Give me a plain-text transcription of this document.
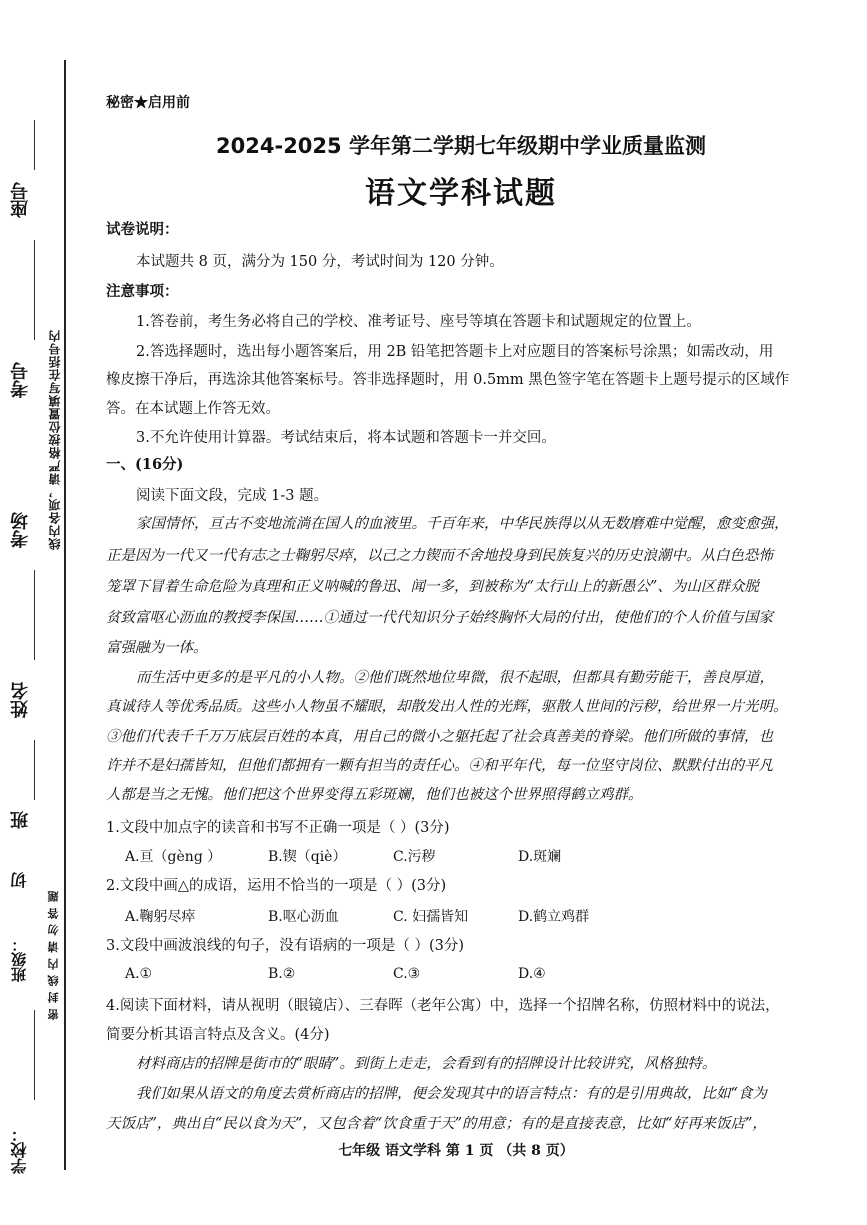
座号
考号	线内各项，请严格按位置填写在括号内
考场
姓名
班
切
密 封 线 内 请 勿 答 题
班级：
学校：
秘密★启用前
2024-2025 学年第二学期七年级期中学业质量监测
语文学科试题
试卷说明：
本试题共 8 页，满分为 150 分，考试时间为 120 分钟。
注意事项：
1.答卷前，考生务必将自己的学校、准考证号、座号等填在答题卡和试题规定的位置上。
2.答选择题时，选出每小题答案后，用 2B 铅笔把答题卡上对应题目的答案标号涂黑；如需改动，用
橡皮擦干净后，再选涂其他答案标号。答非选择题时，用 0.5mm 黑色签字笔在答题卡上题号提示的区域作
答。在本试题上作答无效。
3.不允许使用计算器。考试结束后，将本试题和答题卡一并交回。
一、(16分)
阅读下面文段，完成 1-3 题。
家国情怀，亘古不变地流淌在国人的血液里。千百年来，中华民族得以从无数磨难中觉醒，愈变愈强，
正是因为一代又一代有志之士鞠躬尽瘁，以己之力锲而不舍地投身到民族复兴的历史浪潮中。从白色恐怖
笼罩下冒着生命危险为真理和正义呐喊的鲁迅、闻一多，到被称为“太行山上的新愚公”、为山区群众脱
贫致富呕心沥血的教授李保国……①通过一代代知识分子始终胸怀大局的付出，使他们的个人价值与国家
富强融为一体。
而生活中更多的是平凡的小人物。②他们既然地位卑微，很不起眼，但都具有勤劳能干，善良厚道，
真诚待人等优秀品质。这些小人物虽不耀眼，却散发出人性的光辉，驱散人世间的污秽，给世界一片光明。
③他们代表千千万万底层百姓的本真，用自己的微小之躯托起了社会真善美的脊梁。他们所做的事情，也
许并不是妇孺皆知，但他们都拥有一颗有担当的责任心。④和平年代，每一位坚守岗位、默默付出的平凡
人都是当之无愧。他们把这个世界变得五彩斑斓，他们也被这个世界照得鹤立鸡群。
1.文段中加点字的读音和书写不正确一项是（ ）(3分)
A.亘（gèng ）	B.锲（qiè）	C.污秽	D.斑斓
2.文段中画△的成语，运用不恰当的一项是（ ）(3分)
A.鞠躬尽瘁	B.呕心沥血	C. 妇孺皆知	D.鹤立鸡群
3.文段中画波浪线的句子，没有语病的一项是（ ）(3分)
A.①	B.②	C.③	D.④
4.阅读下面材料，请从视明（眼镜店）、三春晖（老年公寓）中，选择一个招牌名称，仿照材料中的说法，
简要分析其语言特点及含义。(4分)
材料商店的招牌是街市的“眼睛”。到街上走走，会看到有的招牌设计比较讲究，风格独特。
我们如果从语文的角度去赏析商店的招牌，便会发现其中的语言特点：有的是引用典故，比如“食为
天饭店”，典出自“民以食为天”，又包含着“饮食重于天”的用意；有的是直接表意，比如“好再来饭店”，
七年级 语文学科 第 1 页 （共 8 页）
